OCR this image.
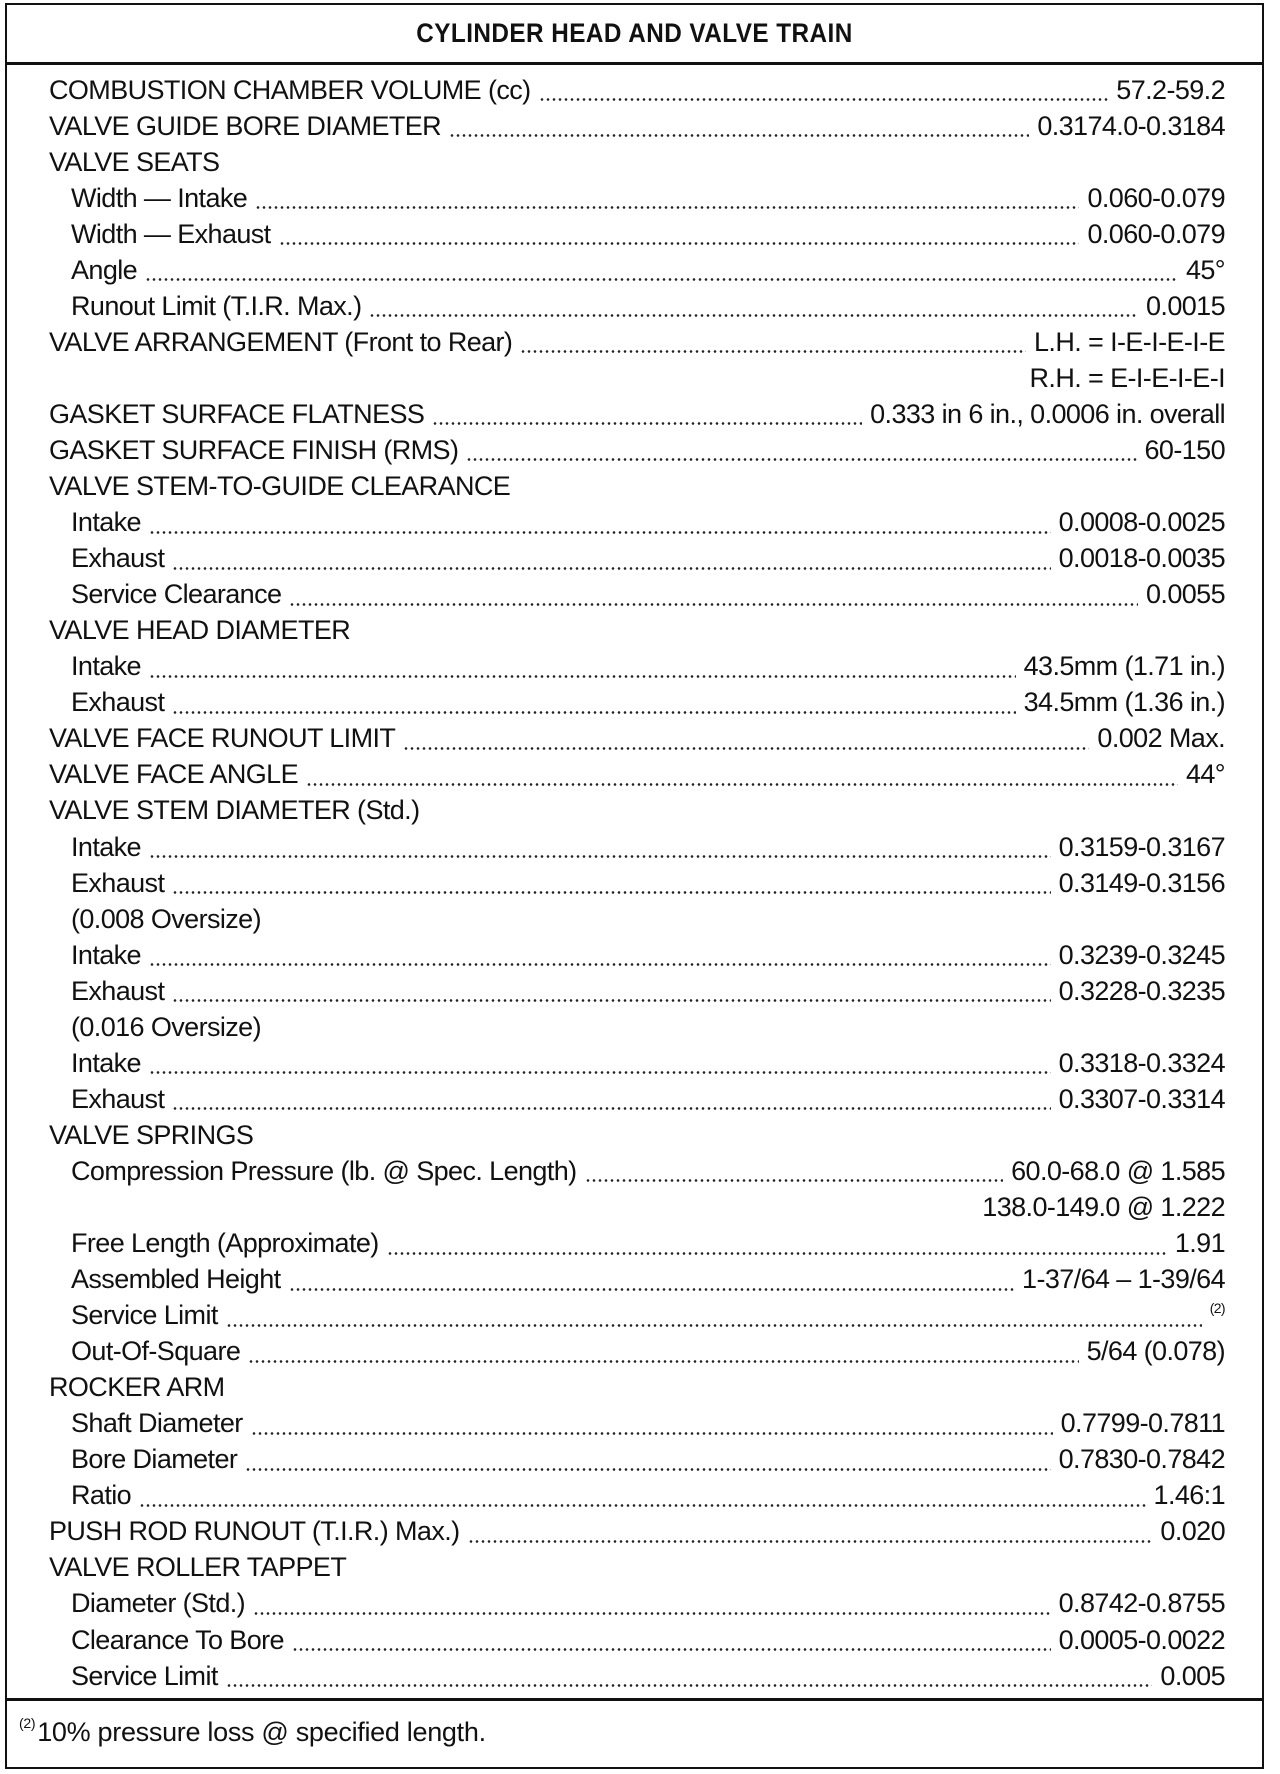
CYLINDER HEAD AND VALVE TRAIN
COMBUSTION CHAMBER VOLUME (cc)	57.2-59.2
VALVE GUIDE BORE DIAMETER	0.3174.0-0.3184
VALVE SEATS
Width — Intake	0.060-0.079
Width — Exhaust	0.060-0.079
Angle	45°
Runout Limit (T.I.R. Max.)	0.0015
VALVE ARRANGEMENT (Front to Rear)	L.H. = I-E-I-E-I-E
R.H. = E-I-E-I-E-I
GASKET SURFACE FLATNESS	0.333 in 6 in., 0.0006 in. overall
GASKET SURFACE FINISH (RMS)	60-150
VALVE STEM-TO-GUIDE CLEARANCE
Intake	0.0008-0.0025
Exhaust	0.0018-0.0035
Service Clearance	0.0055
VALVE HEAD DIAMETER
Intake	43.5mm (1.71 in.)
Exhaust	34.5mm (1.36 in.)
VALVE FACE RUNOUT LIMIT	0.002 Max.
VALVE FACE ANGLE	44°
VALVE STEM DIAMETER (Std.)
Intake	0.3159-0.3167
Exhaust	0.3149-0.3156
(0.008 Oversize)
Intake	0.3239-0.3245
Exhaust	0.3228-0.3235
(0.016 Oversize)
Intake	0.3318-0.3324
Exhaust	0.3307-0.3314
VALVE SPRINGS
Compression Pressure (lb. @ Spec. Length)	60.0-68.0 @ 1.585
138.0-149.0 @ 1.222
Free Length (Approximate)	1.91
Assembled Height	1-37/64 – 1-39/64
Service Limit	(2)
Out-Of-Square	5/64 (0.078)
ROCKER ARM
Shaft Diameter	0.7799-0.7811
Bore Diameter	0.7830-0.7842
Ratio	1.46:1
PUSH ROD RUNOUT (T.I.R.) Max.)	0.020
VALVE ROLLER TAPPET
Diameter (Std.)	0.8742-0.8755
Clearance To Bore	0.0005-0.0022
Service Limit	0.005
$^{(2)}$10% pressure loss @ specified length.
